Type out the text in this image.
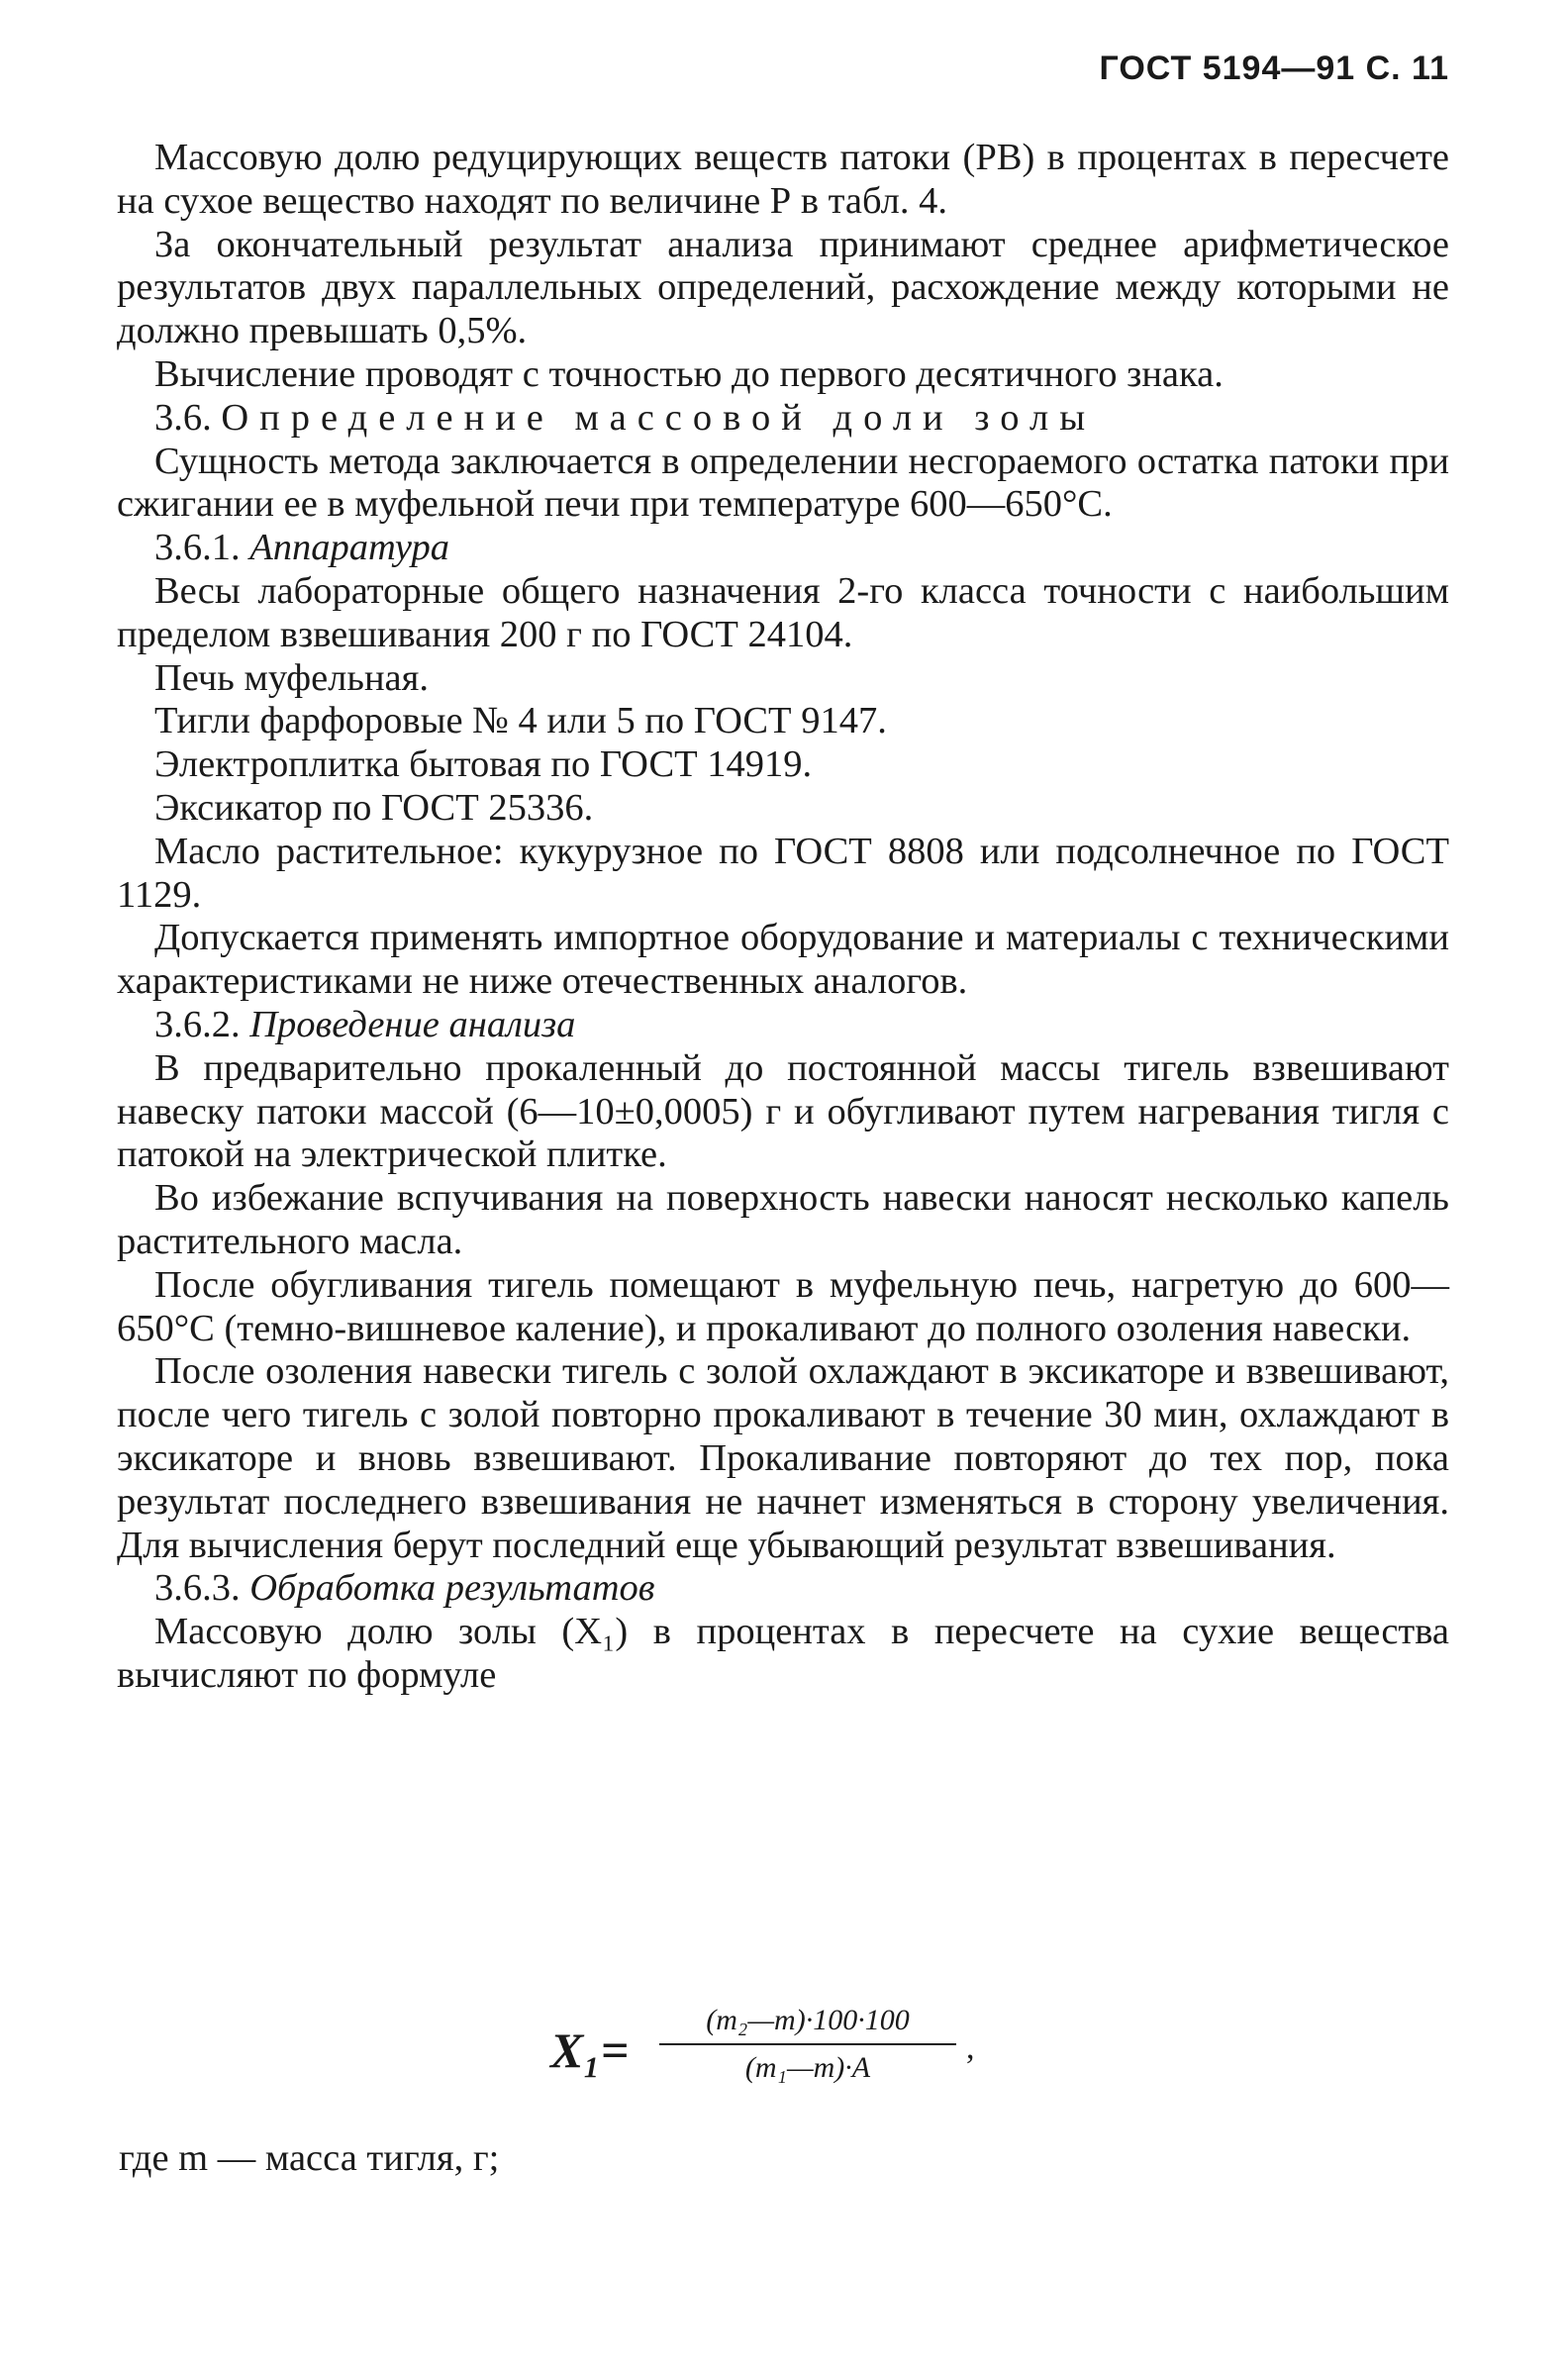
ГОСТ 5194—91 С. 11

Массовую долю редуцирующих веществ патоки (РВ) в процентах в пересчете на сухое вещество находят по величине Р в табл. 4.

За окончательный результат анализа принимают среднее арифметическое результатов двух параллельных определений, расхождение между которыми не должно превышать 0,5%.

Вычисление проводят с точностью до первого десятичного знака.

3.6. Определение массовой доли золы

Сущность метода заключается в определении несгораемого остатка патоки при сжигании ее в муфельной печи при температуре 600—650°С.

3.6.1. Аппаратура

Весы лабораторные общего назначения 2-го класса точности с наибольшим пределом взвешивания 200 г по ГОСТ 24104.

Печь муфельная.

Тигли фарфоровые № 4 или 5 по ГОСТ 9147.

Электроплитка бытовая по ГОСТ 14919.

Эксикатор по ГОСТ 25336.

Масло растительное: кукурузное по ГОСТ 8808 или подсолнечное по ГОСТ 1129.

Допускается применять импортное оборудование и материалы с техническими характеристиками не ниже отечественных аналогов.

3.6.2. Проведение анализа

В предварительно прокаленный до постоянной массы тигель взвешивают навеску патоки массой (6—10±0,0005) г и обугливают путем нагревания тигля с патокой на электрической плитке.

Во избежание вспучивания на поверхность навески наносят несколько капель растительного масла.

После обугливания тигель помещают в муфельную печь, нагретую до 600—650°С (темно-вишневое каление), и прокаливают до полного озоления навески.

После озоления навески тигель с золой охлаждают в эксикаторе и взвешивают, после чего тигель с золой повторно прокаливают в течение 30 мин, охлаждают в эксикаторе и вновь взвешивают. Прокаливание повторяют до тех пор, пока результат последнего взвешивания не начнет изменяться в сторону увеличения. Для вычисления берут последний еще убывающий результат взвешивания.

3.6.3. Обработка результатов

Массовую долю золы (X₁) в процентах в пересчете на сухие вещества вычисляют по формуле

X₁=
(m₂—m)·100·100
(m₁—m)·A
,
где m — масса тигля, г;
